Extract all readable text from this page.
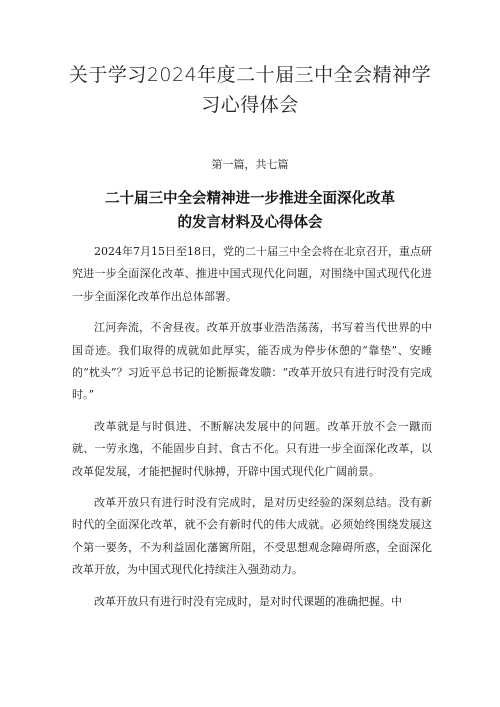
关于学习2024年度二十届三中全会精神学
习心得体会
第一篇，共七篇
二十届三中全会精神进一步推进全面深化改革
的发言材料及心得体会

2024年7月15日至18日，党的二十届三中全会将在北京召开，重点研究进一步全面深化改革、推进中国式现代化问题，对围绕中国式现代化进一步全面深化改革作出总体部署。

江河奔流，不舍昼夜。改革开放事业浩浩荡荡，书写着当代世界的中国奇迹。我们取得的成就如此厚实，能否成为停步休憩的“靠垫”、安睡的“枕头”？习近平总书记的论断振聋发聩：“改革开放只有进行时没有完成时。”

改革就是与时俱进、不断解决发展中的问题。改革开放不会一蹴而就、一劳永逸，不能固步自封、食古不化。只有进一步全面深化改革，以改革促发展，才能把握时代脉搏，开辟中国式现代化广阔前景。

改革开放只有进行时没有完成时，是对历史经验的深刻总结。没有新时代的全面深化改革，就不会有新时代的伟大成就。必须始终围绕发展这个第一要务，不为利益固化藩篱所阻，不受思想观念障碍所惑，全面深化改革开放，为中国式现代化持续注入强劲动力。

改革开放只有进行时没有完成时，是对时代课题的准确把握。中
